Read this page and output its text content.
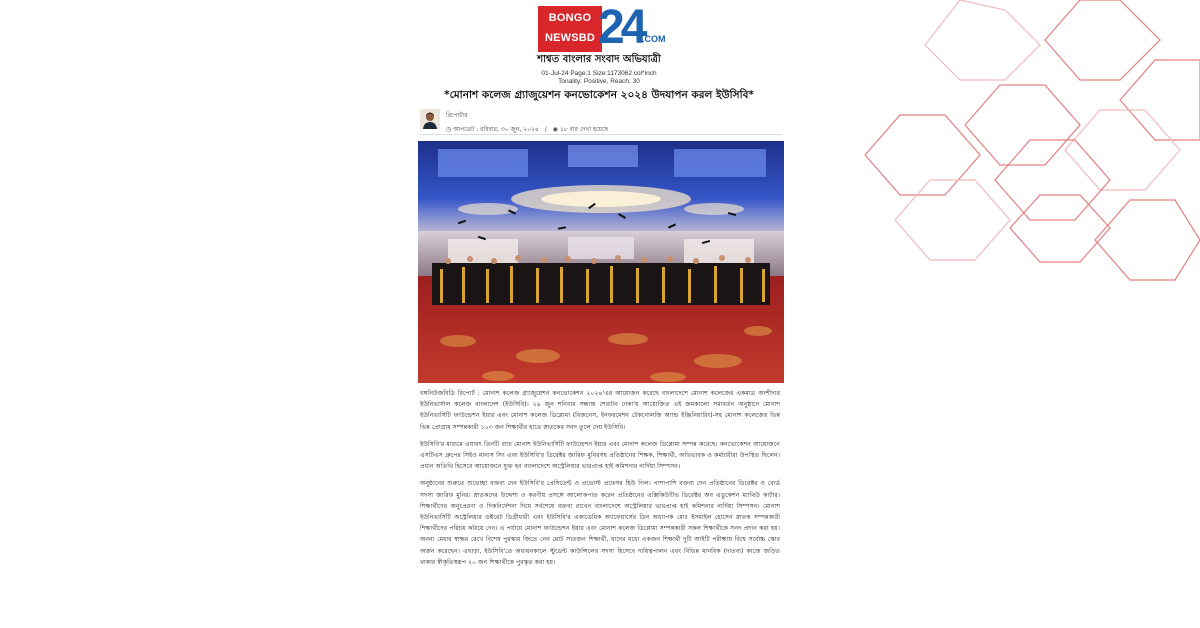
BONGO
NEWSBD 24
.COM
শাশ্বত বাংলার সংবাদ অভিযাত্রী
01-Jul-24 Page:1 Size:1173062 col*inch
Tonality: Positive, Reach: 30
*মোনাশ কলেজ গ্র্যাজুয়েশন কনভোকেশন ২০২৪ উদযাপন করল ইউসিবি*
রিপোর্টার
◷ আপডেট : রবিবার, ৩০ জুন, ২০২৪ / ◉ ১৮ বার দেখা হয়েছে

বঙ্গনিউজবিডি রিপোর্ট : মোনাশ কলেজ গ্র্যাজুয়েশন কনভোকেশন ২০২৪'এর আয়োজন করেছে বাংলাদেশে মোনাশ কলেজের একমাত্র অংশীদার ইউনিভার্সাল কলেজ বাংলাদেশ (ইউসিবি)। ২৯ জুন শনিবার সন্ধ্যায় শেরাটন ঢাকা'য় আয়োজিত এই জমকালো সমাবর্তন অনুষ্ঠানে মোনাশ ইউনিভার্সিটি ফাউন্ডেশন ইয়ার এবং মোনাশ কলেজ ডিপ্লোমা (বিজনেস, ইনফরমেশন টেকনোলজি অ্যান্ড ইঞ্জিনিয়ারিং)-সহ মোনাশ কলেজের ভিন্ন ভিন্ন প্রোগ্রাম সম্পন্নকারী ১০৩ জন শিক্ষার্থীর হাতে স্নাতকের সনদ তুলে দেয় ইউসিবি।

ইউসিবি'র মাধ্যমে এযাবৎ তিনটি ব্যাচ মোনাশ ইউনিভার্সিটি ফাউন্ডেশন ইয়ার এবং মোনাশ কলেজ ডিপ্লোমা সম্পন্ন করেছে। কনভোকেশন আয়োজনে এসটিএস গ্রুপের সিইও মানাস সিং এবং ইউসিবি'র ডিরেক্টর জারিফ মুনিরসহ প্রতিষ্ঠানের শিক্ষক, শিক্ষার্থী, অভিভাবক ও কর্মচারীরা উপস্থিত ছিলেন। প্রধান অতিথি হিসেবে আয়োজনে যুক্ত হন বাংলাদেশে অস্ট্রেলিয়ার ভারপ্রাপ্ত হাই কমিশনার নার্দিয়া সিম্পসন।

অনুষ্ঠানের শুরুতে শুভেচ্ছা বক্তব্য দেন ইউসিবি'র প্রেসিডেন্ট ও প্রভোস্ট প্রফেসর হিউ গিল। পাশাপাশি বক্তব্য দেন প্রতিষ্ঠানের ডিরেক্টর ও বোর্ড সদস্য জারিফ মুনির। স্নাতকদের উদ্দেশ্য ও করণীয় প্রসঙ্গে আলোকপাত করেন প্রতিষ্ঠানের এক্সিকিউটিভ ডিরেক্টর অব এডুকেশন ম্যাথিউ কার্টার। শিক্ষার্থীদের অনুপ্রেরণা ও দিকনির্দেশনা দিয়ে সর্বশেষে বক্তব্য রাখেন বাংলাদেশে অস্ট্রেলিয়ার ভারপ্রাপ্ত হাই কমিশনার নার্দিয়া সিম্পসন। মোনাশ ইউনিভার্সিটি অস্ট্রেলিয়ার ডক্টরেট ডিগ্রীধারী এবং ইউসিবি'র একাডেমিক অ্যাফেয়ার্সের ডিন অধ্যাপক মোঃ ইসমাইল হোসেন স্নাতক সম্পন্নকারী শিক্ষার্থীদের পরিচয় করিয়ে দেন। এ পর্যায়ে মোনাশ ফাউন্ডেশন ইয়ার এবং মোনাশ কলেজ ডিপ্লোমা সম্পন্নকারী সকল শিক্ষার্থীকে সনদ প্রদান করা হয়। অনন্য মেধার স্বাক্ষর রেখে বিশেষ পুরস্কার জিতে নেন মোট সাতজন শিক্ষার্থী, যাদের মধ্যে একজন শিক্ষার্থী দুটি আইটি পরীক্ষায় বিশ্বে সর্বোচ্চ স্কোর অর্জন করেছেন। এছাড়া, ইউসিবি'তে অধ্যয়নকালে স্টুডেন্ট কাউন্সিলের সদস্য হিসেবে দায়িত্বপালন এবং বিভিন্ন মানবিক (দাতব্য) কাজে জড়িত থাকার স্বীকৃতিস্বরূপ ২০ জন শিক্ষার্থীকে পুরস্কৃত করা হয়।
